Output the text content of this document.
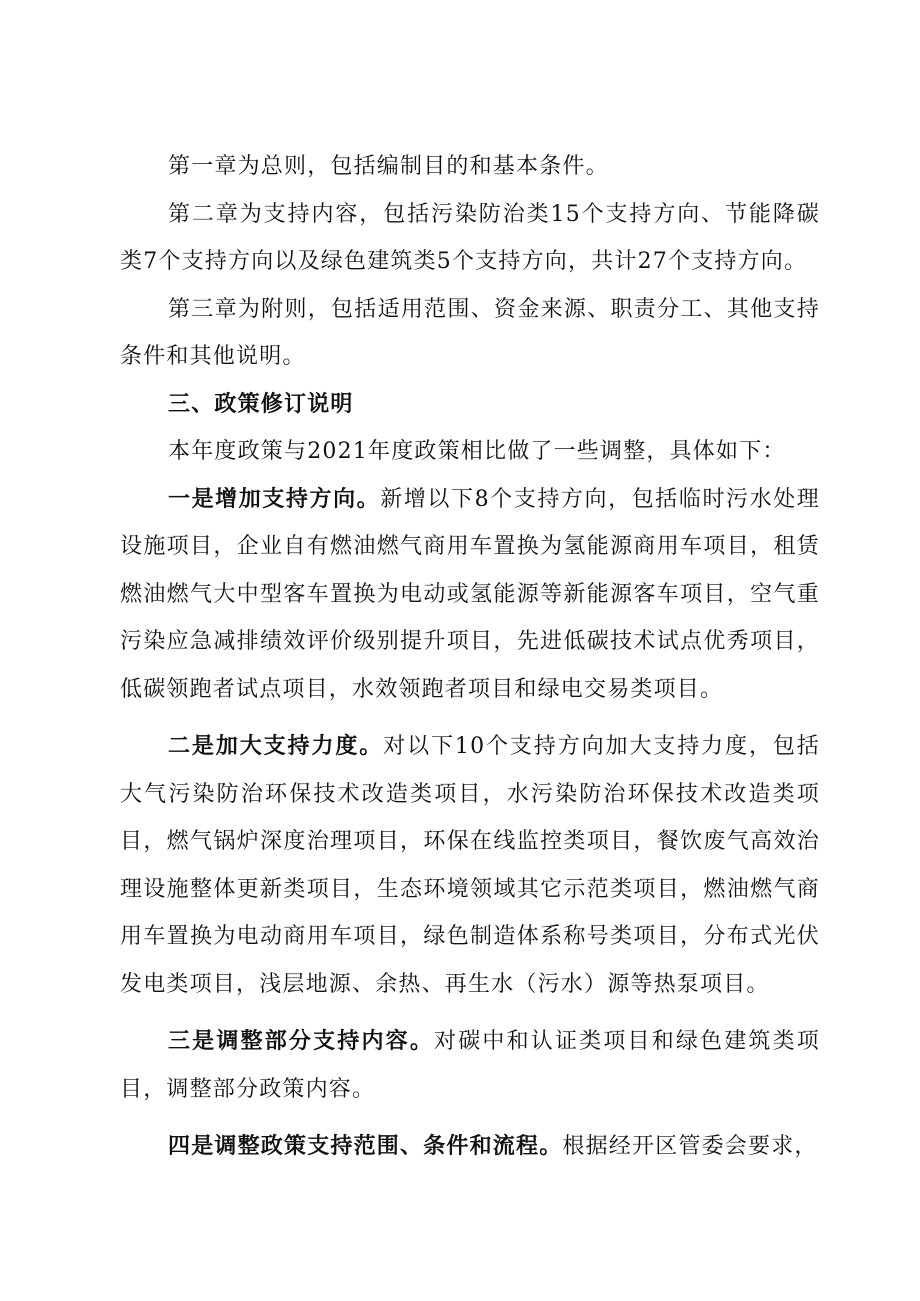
第一章为总则，包括编制目的和基本条件。

第二章为支持内容，包括污染防治类15个支持方向、节能降碳类7个支持方向以及绿色建筑类5个支持方向，共计27个支持方向。

第三章为附则，包括适用范围、资金来源、职责分工、其他支持条件和其他说明。

三、政策修订说明

本年度政策与2021年度政策相比做了一些调整，具体如下：

一是增加支持方向。新增以下8个支持方向，包括临时污水处理设施项目，企业自有燃油燃气商用车置换为氢能源商用车项目，租赁燃油燃气大中型客车置换为电动或氢能源等新能源客车项目，空气重污染应急减排绩效评价级别提升项目，先进低碳技术试点优秀项目，低碳领跑者试点项目，水效领跑者项目和绿电交易类项目。

二是加大支持力度。对以下10个支持方向加大支持力度，包括大气污染防治环保技术改造类项目，水污染防治环保技术改造类项目，燃气锅炉深度治理项目，环保在线监控类项目，餐饮废气高效治理设施整体更新类项目，生态环境领域其它示范类项目，燃油燃气商用车置换为电动商用车项目，绿色制造体系称号类项目，分布式光伏发电类项目，浅层地源、余热、再生水（污水）源等热泵项目。

三是调整部分支持内容。对碳中和认证类项目和绿色建筑类项目，调整部分政策内容。

四是调整政策支持范围、条件和流程。根据经开区管委会要求，
